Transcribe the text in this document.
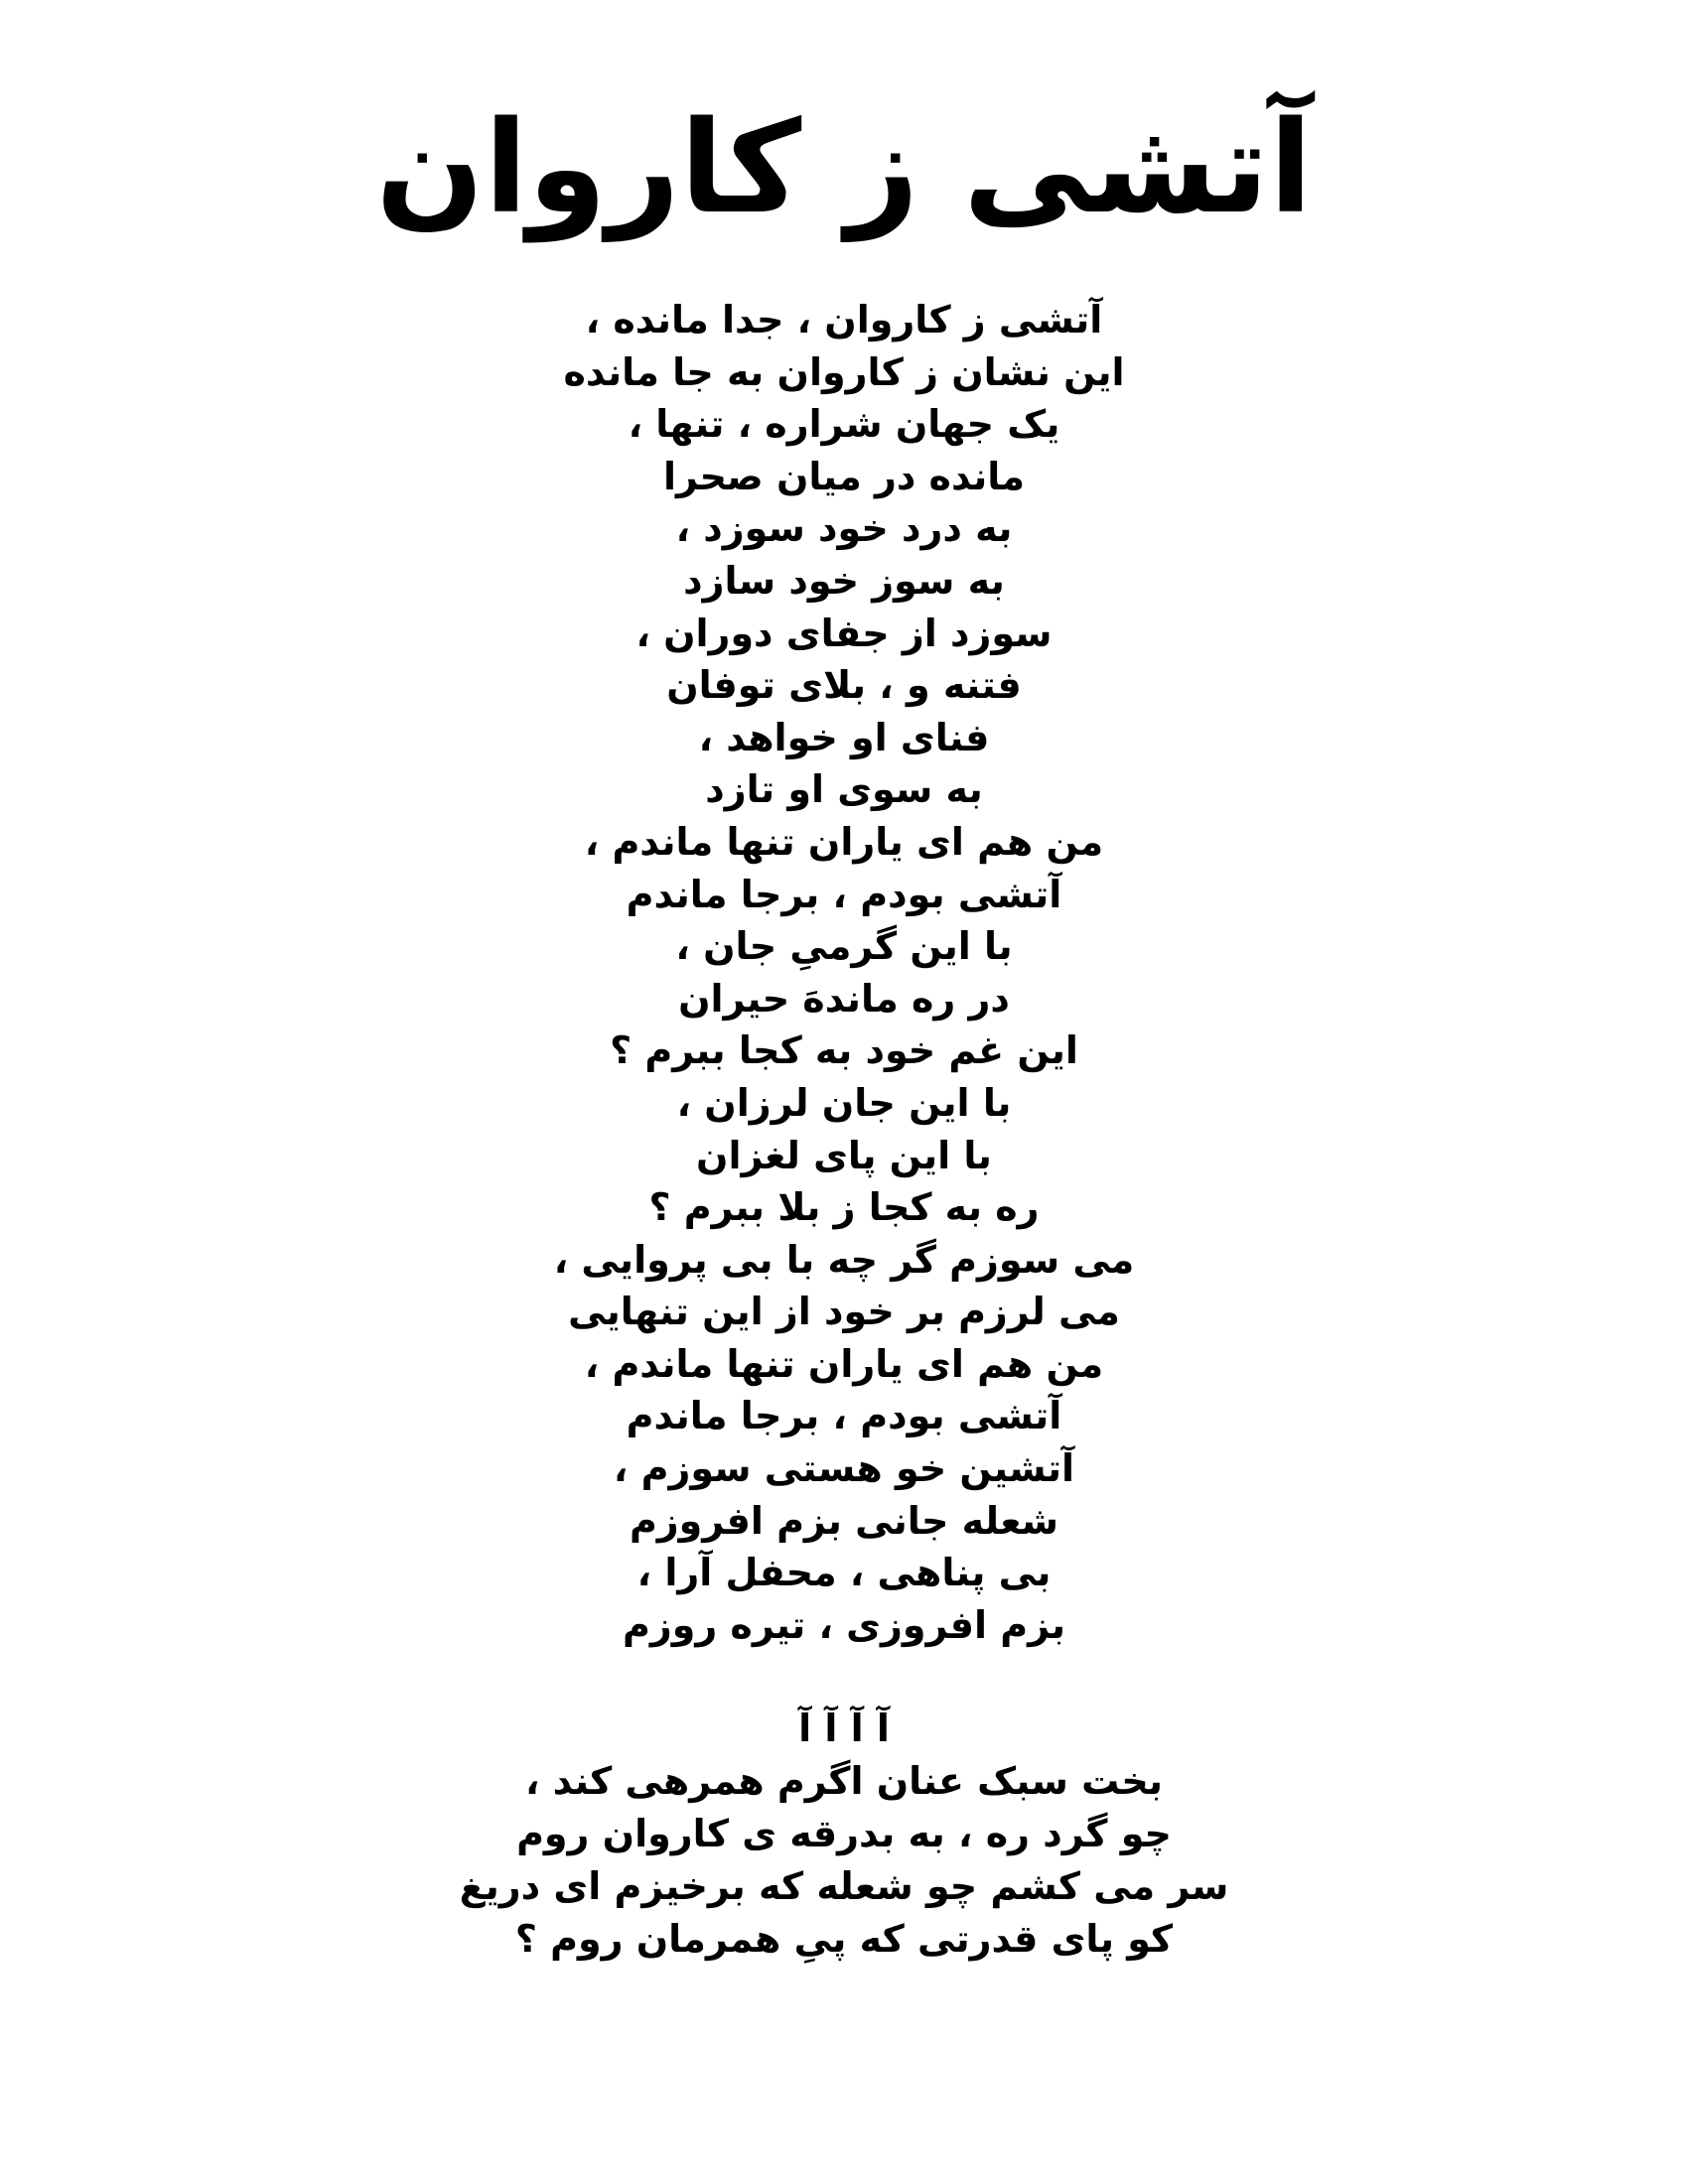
آتشی ز کاروان
آتشی ز کاروان ، جدا مانده ،
این نشان ز کاروان به جا مانده
یک جهان شراره ، تنها ،
مانده در میان صحرا
به درد خود سوزد ،
به سوز خود سازد
سوزد از جفای دوران ،
فتنه و ، بلای توفان
فنای او خواهد ،
به سوی او تازد
من هم ای یاران تنها ماندم ،
آتشی بودم ، برجا ماندم
با این گرمیِ جان ،
در ره ماندهَ حیران
این غم خود به کجا ببرم ؟
با این جان لرزان ،
با این پای لغزان
ره به کجا ز بلا ببرم ؟
می سوزم گر چه با بی پروایی ،
می لرزم بر خود از این تنهایی
من هم ای یاران تنها ماندم ،
آتشی بودم ، برجا ماندم
آتشین خو هستی سوزم ،
شعله جانی بزم افروزم
بی پناهی ، محفل آرا ،
بزم افروزی ، تیره روزم
آ آ آ آ
بخت سبک عنان اگرم همرهی کند ،
چو گرد ره ، به بدرقه ی کاروان روم
سر می کشم چو شعله که برخیزم ای دریغ
کو پای قدرتی که پیِ همرمان روم ؟
